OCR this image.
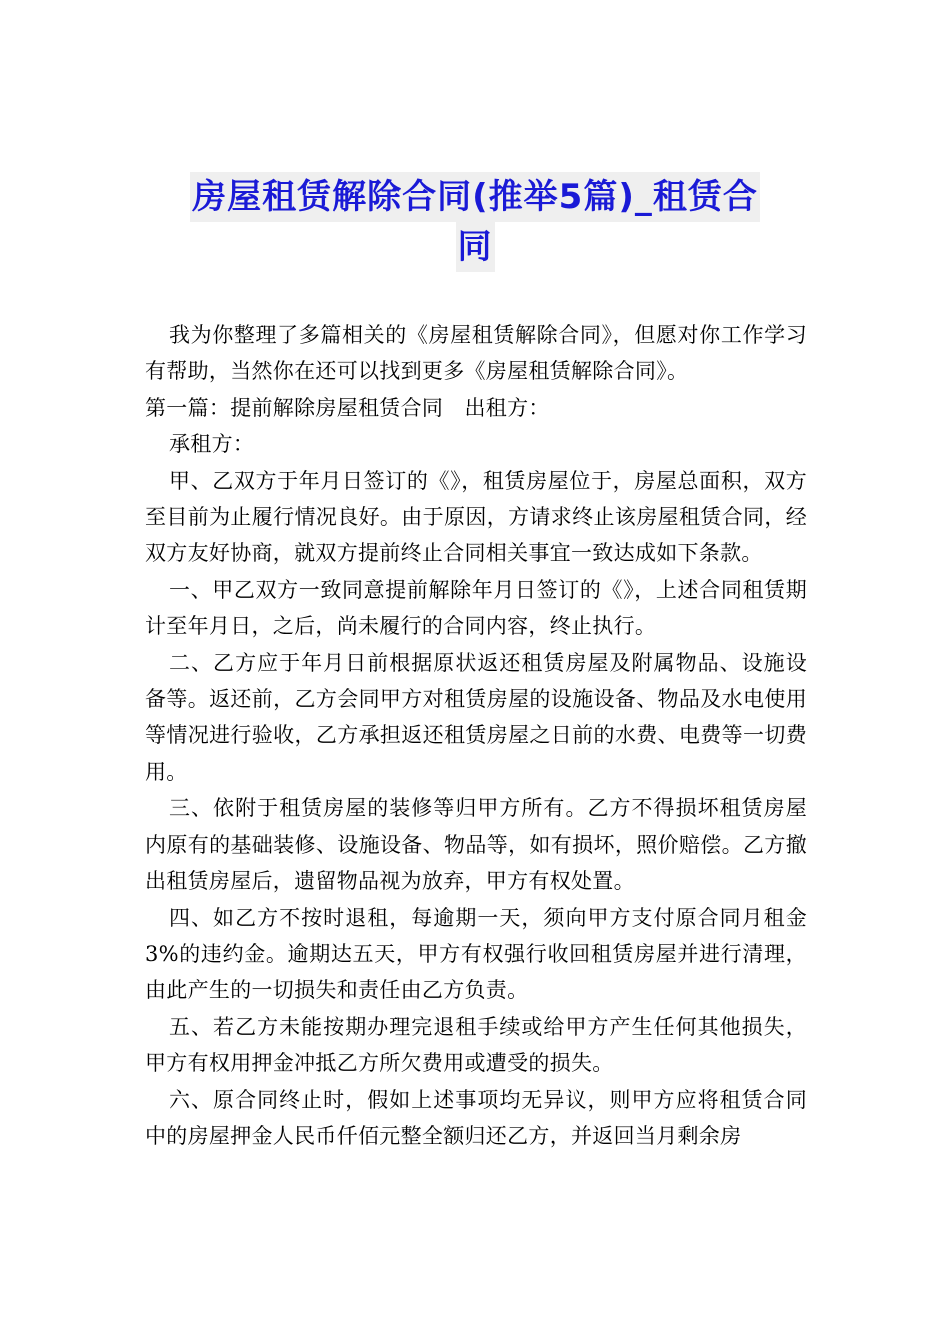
房屋租赁解除合同(推举5篇)_租赁合
同

我为你整理了多篇相关的《房屋租赁解除合同》，但愿对你工作学习有帮助，当然你在还可以找到更多《房屋租赁解除合同》。

第一篇：提前解除房屋租赁合同　出租方：

承租方：

甲、乙双方于年月日签订的《》，租赁房屋位于，房屋总面积，双方至目前为止履行情况良好。由于原因，方请求终止该房屋租赁合同，经双方友好协商，就双方提前终止合同相关事宜一致达成如下条款。

一、甲乙双方一致同意提前解除年月日签订的《》，上述合同租赁期计至年月日，之后，尚未履行的合同内容，终止执行。

二、乙方应于年月日前根据原状返还租赁房屋及附属物品、设施设备等。返还前，乙方会同甲方对租赁房屋的设施设备、物品及水电使用等情况进行验收，乙方承担返还租赁房屋之日前的水费、电费等一切费用。

三、依附于租赁房屋的装修等归甲方所有。乙方不得损坏租赁房屋内原有的基础装修、设施设备、物品等，如有损坏，照价赔偿。乙方撤出租赁房屋后，遗留物品视为放弃，甲方有权处置。

四、如乙方不按时退租，每逾期一天，须向甲方支付原合同月租金3%的违约金。逾期达五天，甲方有权强行收回租赁房屋并进行清理，由此产生的一切损失和责任由乙方负责。

五、若乙方未能按期办理完退租手续或给甲方产生任何其他损失，甲方有权用押金冲抵乙方所欠费用或遭受的损失。

六、原合同终止时，假如上述事项均无异议，则甲方应将租赁合同中的房屋押金人民币仟佰元整全额归还乙方，并返回当月剩余房
